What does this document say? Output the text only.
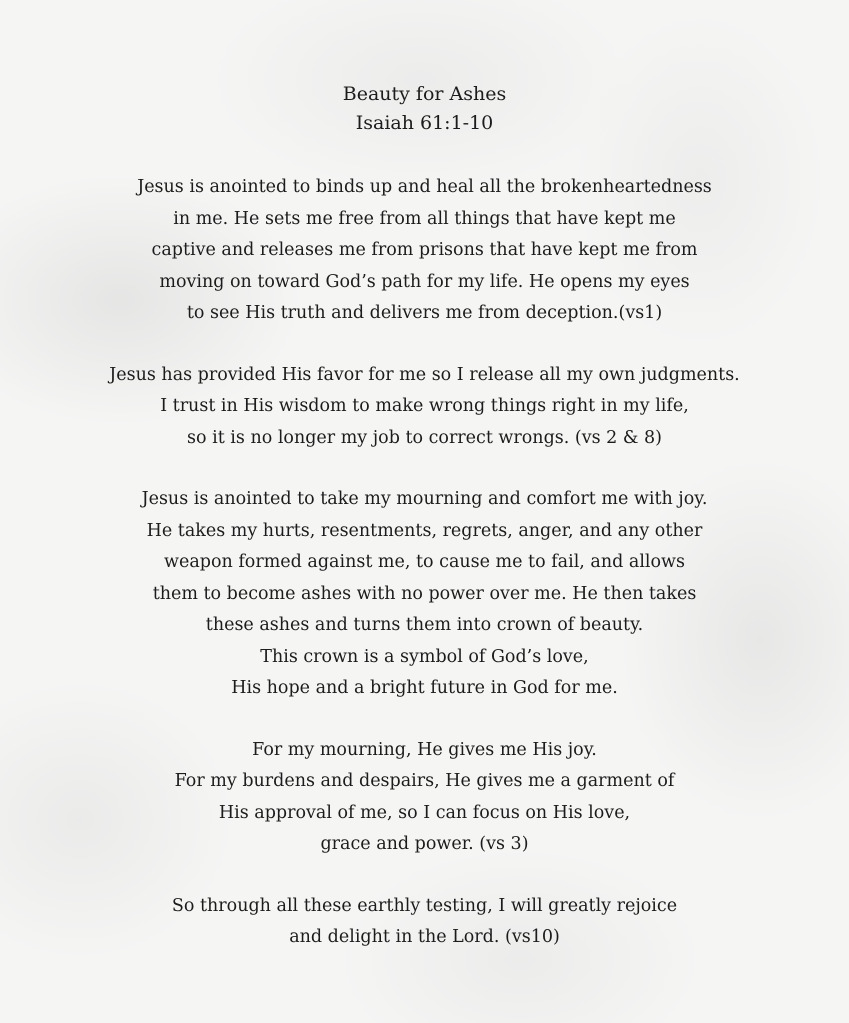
Beauty for Ashes
Isaiah 61:1-10
Jesus is anointed to binds up and heal all the brokenheartedness
in me. He sets me free from all things that have kept me
captive and releases me from prisons that have kept me from
moving on toward God’s path for my life. He opens my eyes
to see His truth and delivers me from deception.(vs1)
Jesus has provided His favor for me so I release all my own judgments.
I trust in His wisdom to make wrong things right in my life,
so it is no longer my job to correct wrongs. (vs 2 & 8)
Jesus is anointed to take my mourning and comfort me with joy.
He takes my hurts, resentments, regrets, anger, and any other
weapon formed against me, to cause me to fail, and allows
them to become ashes with no power over me. He then takes
these ashes and turns them into crown of beauty.
This crown is a symbol of God’s love,
His hope and a bright future in God for me.
For my mourning, He gives me His joy.
For my burdens and despairs, He gives me a garment of
His approval of me, so I can focus on His love,
grace and power. (vs 3)
So through all these earthly testing, I will greatly rejoice
and delight in the Lord. (vs10)
